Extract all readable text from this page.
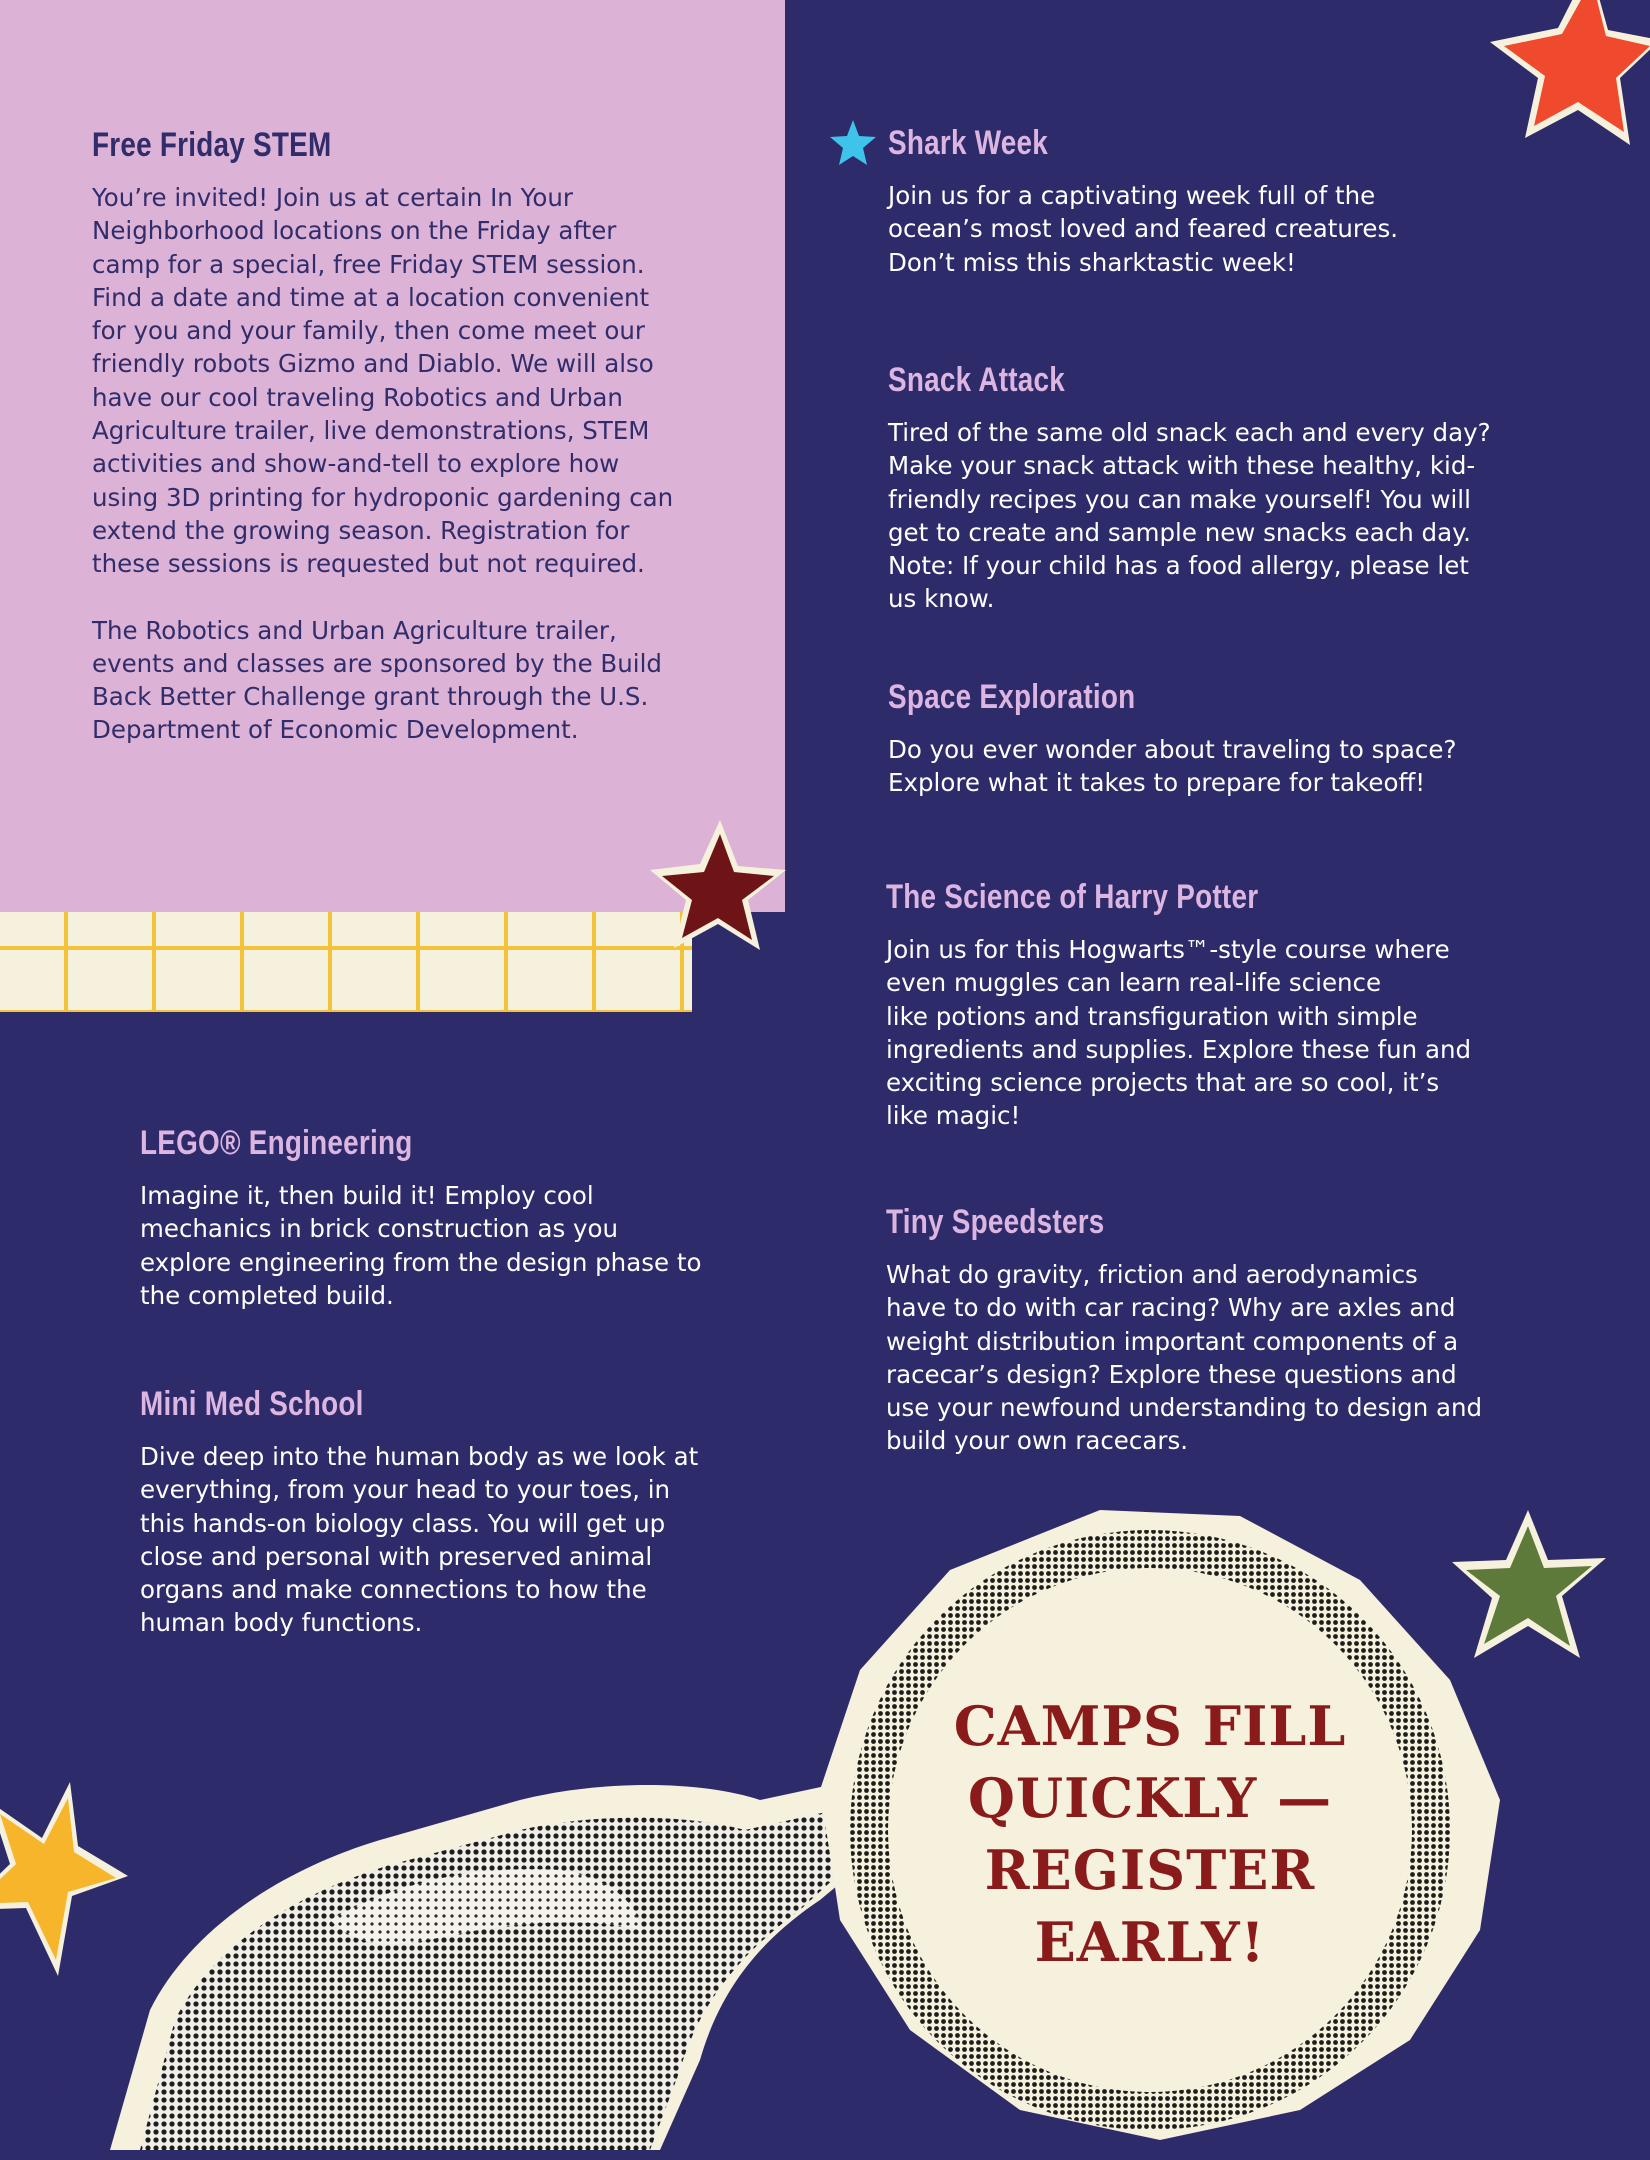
CAMPS FILL
QUICKLY —
REGISTER
EARLY!
Free Friday STEM

You’re invited! Join us at certain In Your
Neighborhood locations on the Friday after
camp for a special, free Friday STEM session.
Find a date and time at a location convenient
for you and your family, then come meet our
friendly robots Gizmo and Diablo. We will also
have our cool traveling Robotics and Urban
Agriculture trailer, live demonstrations, STEM
activities and show-and-tell to explore how
using 3D printing for hydroponic gardening can
extend the growing season. Registration for
these sessions is requested but not required.

The Robotics and Urban Agriculture trailer,
events and classes are sponsored by the Build
Back Better Challenge grant through the U.S.
Department of Economic Development.

Shark Week

Join us for a captivating week full of the
ocean’s most loved and feared creatures.
Don’t miss this sharktastic week!

Snack Attack

Tired of the same old snack each and every day?
Make your snack attack with these healthy, kid-
friendly recipes you can make yourself! You will
get to create and sample new snacks each day.
Note: If your child has a food allergy, please let
us know.

Space Exploration

Do you ever wonder about traveling to space?
Explore what it takes to prepare for takeoff!

The Science of Harry Potter

Join us for this Hogwarts™-style course where
even muggles can learn real-life science
like potions and transfiguration with simple
ingredients and supplies. Explore these fun and
exciting science projects that are so cool, it’s
like magic!

Tiny Speedsters

What do gravity, friction and aerodynamics
have to do with car racing? Why are axles and
weight distribution important components of a
racecar’s design? Explore these questions and
use your newfound understanding to design and
build your own racecars.

LEGO® Engineering

Imagine it, then build it! Employ cool
mechanics in brick construction as you
explore engineering from the design phase to
the completed build.

Mini Med School

Dive deep into the human body as we look at
everything, from your head to your toes, in
this hands-on biology class. You will get up
close and personal with preserved animal
organs and make connections to how the
human body functions.

6
